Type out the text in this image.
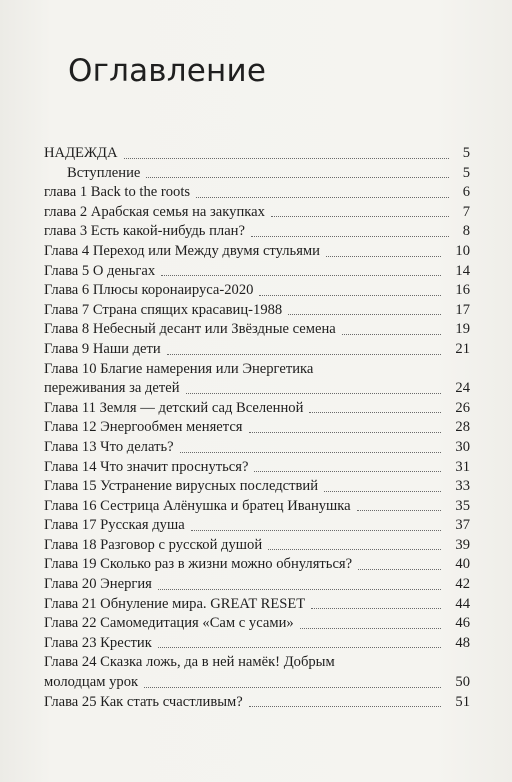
Оглавление
НАДЕЖДА	5
Вступление	5
глава 1 Back to the roots	6
глава 2 Арабская семья на закупках	7
глава 3 Есть какой-нибудь план?	8
Глава 4 Переход или Между двумя стульями	10
Глава 5 О деньгах	14
Глава 6 Плюсы коронаируса-2020	16
Глава 7 Страна спящих красавиц-1988	17
Глава 8 Небесный десант или Звёздные семена	19
Глава 9 Наши дети	21
Глава 10 Благие намерения или Энергетика
переживания за детей	24
Глава 11 Земля — детский сад Вселенной	26
Глава 12 Энергообмен меняется	28
Глава 13 Что делать?	30
Глава 14 Что значит проснуться?	31
Глава 15 Устранение вирусных последствий	33
Глава 16 Сестрица Алёнушка и братец Иванушка	35
Глава 17 Русская душа	37
Глава 18 Разговор с русской душой	39
Глава 19 Сколько раз в жизни можно обнуляться?	40
Глава 20 Энергия	42
Глава 21 Обнуление мира. GREAT RESET	44
Глава 22 Самомедитация «Сам с усами»	46
Глава 23 Крестик	48
Глава 24 Сказка ложь, да в ней намёк! Добрым
молодцам урок	50
Глава 25 Как стать счастливым?	51
